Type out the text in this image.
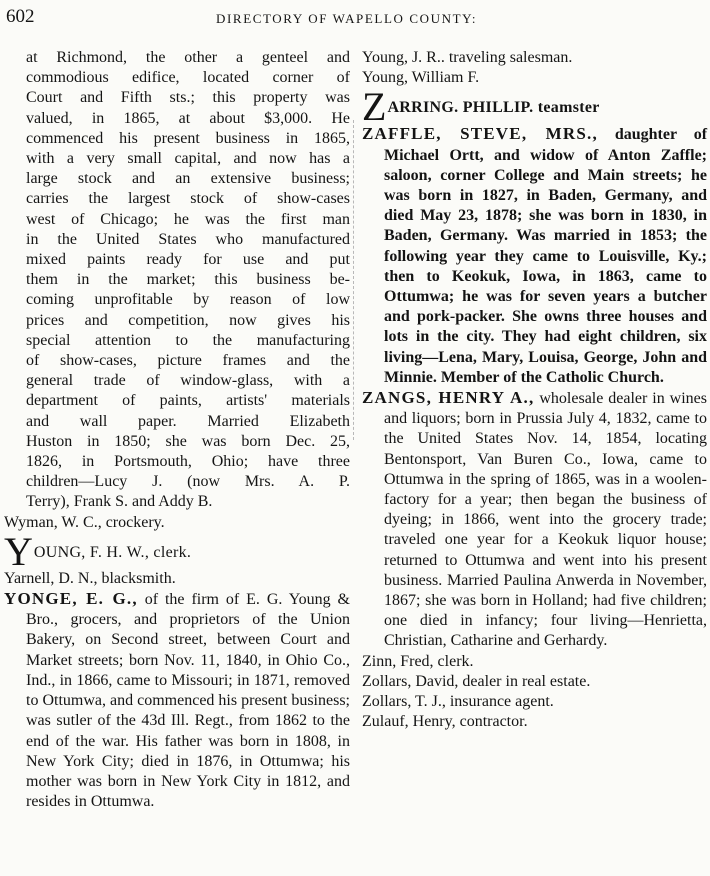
602	DIRECTORY OF WAPELLO COUNTY:
at Richmond, the other a genteel and
commodious edifice, located corner of
Court and Fifth sts.; this property was
valued, in 1865, at about $3,000. He
commenced his present business in 1865,
with a very small capital, and now has a
large stock and an extensive business;
carries the largest stock of show-cases
west of Chicago; he was the first man
in the United States who manufactured
mixed paints ready for use and put
them in the market; this business be-
coming unprofitable by reason of low
prices and competition, now gives his
special attention to the manufacturing
of show-cases, picture frames and the
general trade of window-glass, with a
department of paints, artists' materials
and wall paper. Married Elizabeth
Huston in 1850; she was born Dec. 25,
1826, in Portsmouth, Ohio; have three
children—Lucy J. (now Mrs. A. P.
Terry), Frank S. and Addy B.

Wyman, W. C., crockery.

YOUNG, F. H. W., clerk.

Yarnell, D. N., blacksmith.

YONGE, E. G., of the firm of E. G. Young & Bro., grocers, and proprietors of the Union Bakery, on Second street, between Court and Market streets; born Nov. 11, 1840, in Ohio Co., Ind., in 1866, came to Missouri; in 1871, removed to Ottumwa, and commenced his present business; was sutler of the 43d Ill. Regt., from 1862 to the end of the war. His father was born in 1808, in New York City; died in 1876, in Ottumwa; his mother was born in New York City in 1812, and resides in Ottumwa.

Young, J. R.. traveling salesman.

Young, William F.

ZARRING. PHILLIP. teamster

ZAFFLE, STEVE, MRS., daughter of Michael Ortt, and widow of Anton Zaffle; saloon, corner College and Main streets; he was born in 1827, in Baden, Germany, and died May 23, 1878; she was born in 1830, in Baden, Germany. Was married in 1853; the following year they came to Louisville, Ky.; then to Keokuk, Iowa, in 1863, came to Ottumwa; he was for seven years a butcher and pork-packer. She owns three houses and lots in the city. They had eight children, six living—Lena, Mary, Louisa, George, John and Minnie. Member of the Catholic Church.

ZANGS, HENRY A., wholesale dealer in wines and liquors; born in Prussia July 4, 1832, came to the United States Nov. 14, 1854, locating Bentonsport, Van Buren Co., Iowa, came to Ottumwa in the spring of 1865, was in a woolen-factory for a year; then began the business of dyeing; in 1866, went into the grocery trade; traveled one year for a Keokuk liquor house; returned to Ottumwa and went into his present business. Married Paulina Anwerda in November, 1867; she was born in Holland; had five children; one died in infancy; four living—Henrietta, Christian, Catharine and Gerhardy.

Zinn, Fred, clerk.

Zollars, David, dealer in real estate.

Zollars, T. J., insurance agent.

Zulauf, Henry, contractor.
